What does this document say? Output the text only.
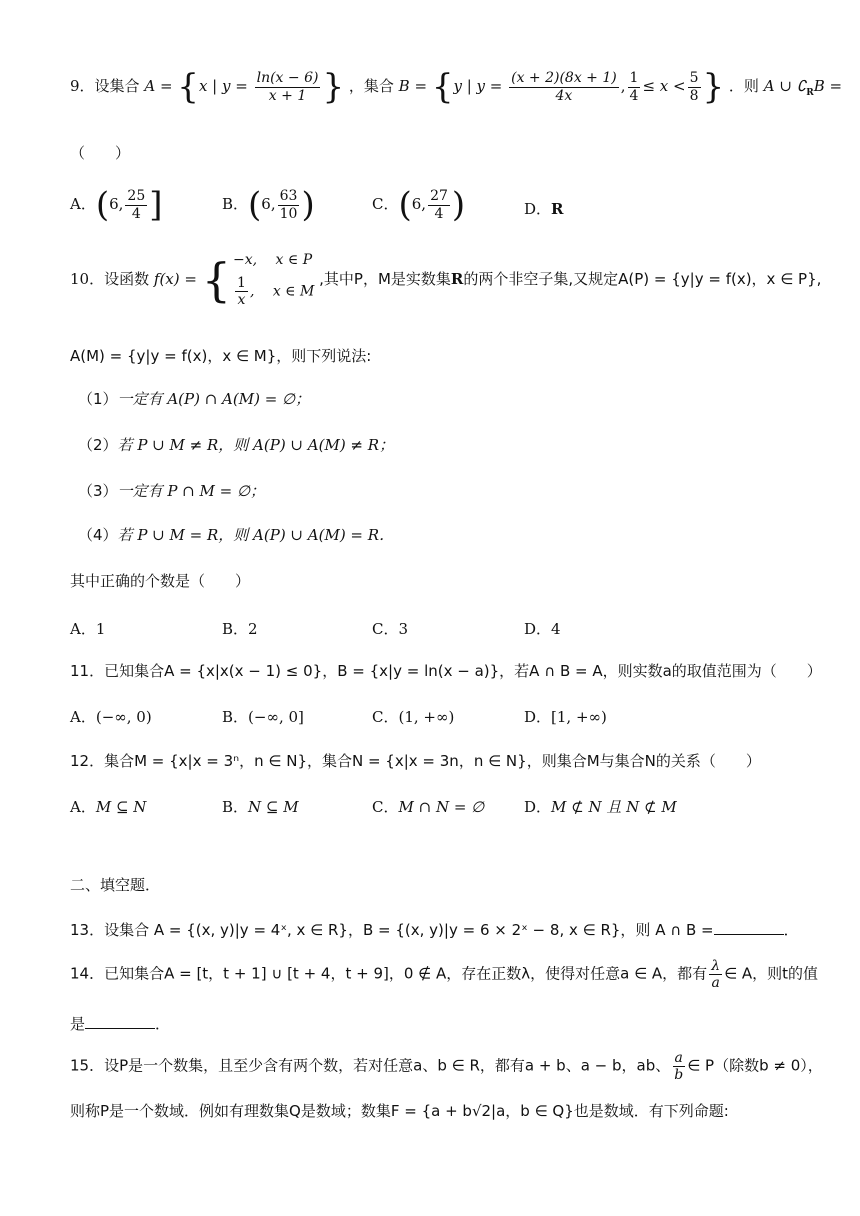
9．设集合 A = {x | $y = \frac{\ln(x - 6)}{x + 1}$ } ，集合 B = {y | $y = \frac{(x + 2)(8x + 1)}{4x}$ , $\frac{1}{4} \le x < \frac{5}{8}$ } ．则 A ∪ $∁_RB$ =
（　　）
A．(6, $\frac{25}{4}$ ]	B．(6, $\frac{63}{10}$ )	C．(6, $\frac{27}{4}$ )	D．R
10．设函数 f(x) = { −x,　 x ∈ P
$\frac{1}{x}$ ,　 x ∈ M
,其中P，M是实数集R的两个非空子集,又规定A(P) = {y|y = f(x)，x ∈ P},
A(M) = {y|y = f(x)，x ∈ M}，则下列说法:
（1）一定有 A(P) ∩ A(M) = ∅；
（2）若 P ∪ M ≠ R，则 A(P) ∪ A(M) ≠ R；
（3）一定有 P ∩ M = ∅；
（4）若 P ∪ M = R，则 A(P) ∪ A(M) = R．
其中正确的个数是（　　）
A．1	B．2	C．3	D．4
11．已知集合A = {x|x(x − 1) ≤ 0}，B = {x|y = ln(x − a)}，若A ∩ B = A，则实数a的取值范围为（　　）
A．(−∞, 0)	B．(−∞, 0]	C．(1, +∞)	D．[1, +∞)
12．集合M = {x|x = 3ⁿ，n ∈ N}，集合N = {x|x = 3n，n ∈ N}，则集合M与集合N的关系（　　）
A．M ⊆ N	B．N ⊆ M	C．M ∩ N = ∅	D．M ⊄ N 且 N ⊄ M
二、填空题．
13．设集合 A = {(x, y)|y = 4ˣ, x ∈ R}，B = {(x, y)|y = 6 × 2ˣ − 8, x ∈ R}，则 A ∩ B =	．
14．已知集合A = [t，t + 1] ∪ [t + 4，t + 9]，0 ∉ A，存在正数λ，使得对任意a ∈ A，都有 $\frac{\lambda}{a}$ ∈ A，则t的值
是	．
15．设P是一个数集，且至少含有两个数，若对任意a、b ∈ R，都有a + b、a − b，ab、 $\frac{a}{b}$ ∈ P（除数b ≠ 0），
则称P是一个数域．例如有理数集Q是数域；数集F = {a + b√2|a，b ∈ Q}也是数域．有下列命题:
